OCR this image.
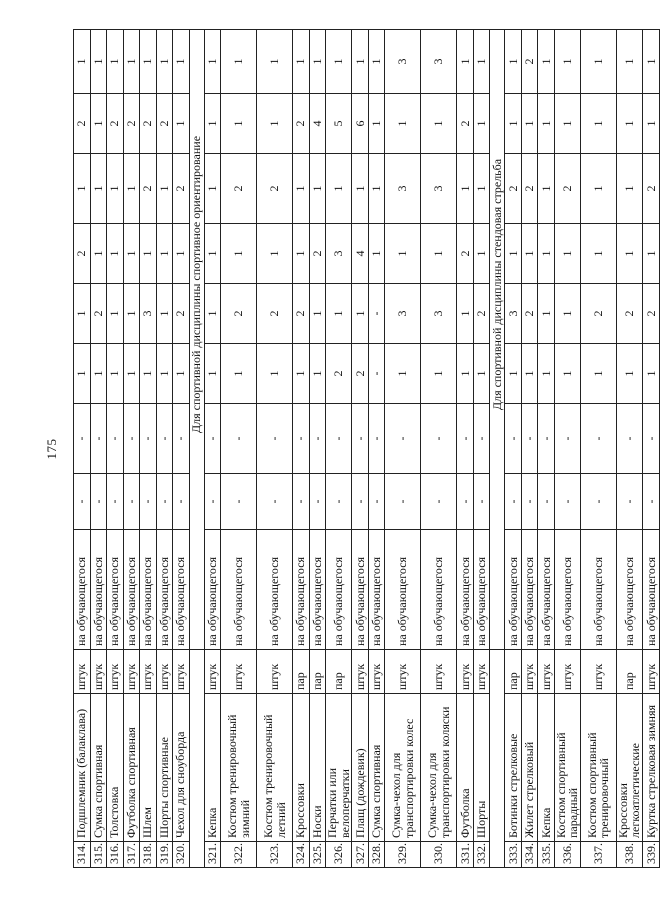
175
314.	Подшлемник (балаклава)	штук	на обучающегося	-	-	1	1	2	1	2	1
315.	Сумка спортивная	штук	на обучающегося	-	-	1	2	1	1	1	1
316.	Толстовка	штук	на обучающегося	-	-	1	1	1	1	2	1
317.	Футболка спортивная	штук	на обучающегося	-	-	1	1	1	1	2	1
318.	Шлем	штук	на обучающегося	-	-	1	3	1	2	2	1
319.	Шорты спортивные	штук	на обучающегося	-	-	1	1	1	1	2	1
320.	Чехол для сноуборда	штук	на обучающегося	-	-	1	2	1	2	1	1
			Для спортивной дисциплины спортивное ориентирование								
321.	Кепка	штук	на обучающегося	-	-	1	1	1	1	1	1
322.	Костюм тренировочный зимний	штук	на обучающегося	-	-	1	2	1	2	1	1
323.	Костюм тренировочный летний	штук	на обучающегося	-	-	1	2	1	2	1	1
324.	Кроссовки	пар	на обучающегося	-	-	1	2	1	1	2	1
325.	Носки	пар	на обучающегося	-	-	1	1	2	1	4	1
326.	Перчатки или велоперчатки	пар	на обучающегося	-	-	2	1	3	1	5	1
327.	Плащ (дождевик)	штук	на обучающегося	-	-	2	1	4	1	6	1
328.	Сумка спортивная	штук	на обучающегося	-	-	-	-	1	1	1	1
329.	Сумка-чехол для транспортировки колес	штук	на обучающегося	-	-	1	3	1	3	1	3
330.	Сумка-чехол для транспортировки коляски	штук	на обучающегося	-	-	1	3	1	3	1	3
331.	Футболка	штук	на обучающегося	-	-	1	1	2	1	2	1
332.	Шорты	штук	на обучающегося	-	-	1	2	1	1	1	1
			Для спортивной дисциплины стендовая стрельба								
333.	Ботинки стрелковые	пар	на обучающегося	-	-	1	3	1	2	1	1
334.	Жилет стрелковый	штук	на обучающегося	-	-	1	2	1	2	1	2
335.	Кепка	штук	на обучающегося	-	-	1	1	1	1	1	1
336.	Костюм спортивный парадный	штук	на обучающегося	-	-	1	1	1	2	1	1
337.	Костюм спортивный тренировочный	штук	на обучающегося	-	-	1	2	1	1	1	1
338.	Кроссовки легкоатлетические	пар	на обучающегося	-	-	1	2	1	1	1	1
339.	Куртка стрелковая зимняя	штук	на обучающегося	-	-	1	2	1	2	1	1
